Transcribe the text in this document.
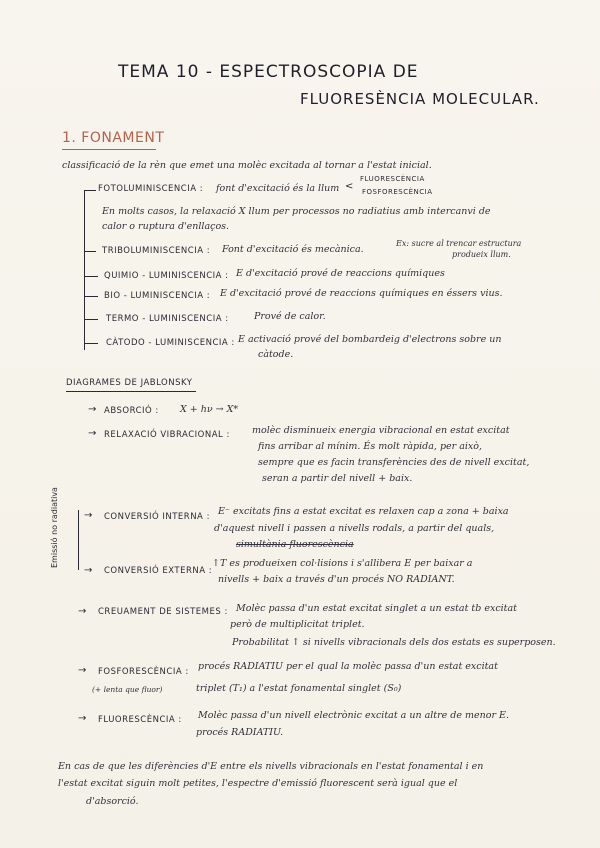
TEMA 10 - ESPECTROSCOPIA DE
FLUORESÈNCIA MOLECULAR.
1. FONAMENT
classificació de la rèn que emet una molèc excitada al tornar a l'estat inicial.
FOTOLUMINISCENCIA : font d'excitació és la llum <
FLUORESCÈNCIA
FOSFORESCÈNCIA
En molts casos, la relaxació X llum per processos no radiatius amb intercanvi de
calor o ruptura d'enllaços.
TRIBOLUMINISCENCIA : Font d'excitació és mecànica.
Ex: sucre al trencar estructura
produeix llum.
QUIMIO - LUMINISCENCIA : E d'excitació prové de reaccions químiques
BIO - LUMINISCENCIA : E d'excitació prové de reaccions químiques en éssers vius.
TERMO - LUMINISCENCIA :	Prové de calor.
CÀTODO - LUMINISCENCIA : E activació prové del bombardeig d'electrons sobre un
càtode.
DIAGRAMES DE JABLONSKY
→ ABSORCIÓ : X + hν → X*
→ RELAXACIÓ VIBRACIONAL : molèc disminueix energia vibracional en estat excitat
fins arribar al mínim. És molt ràpida, per això,
sempre que es facin transferències des de nivell excitat,
seran a partir del nivell + baix.
Emissió no radiativa	→ CONVERSIÓ INTERNA : E⁻ excitats fins a estat excitat es relaxen cap a zona + baixa
d'aquest nivell i passen a nivells rodals, a partir del quals,
simultània fluorescència
→ CONVERSIÓ EXTERNA :
↑T es produeixen col·lisions i s'allibera E per baixar a
nivells + baix a través d'un procés NO RADIANT.
→ CREUAMENT DE SISTEMES : Molèc passa d'un estat excitat singlet a un estat tb excitat
però de multiplicitat triplet.
Probabilitat ↑ si nivells vibracionals dels dos estats es superposen.
→ FOSFORESCÈNCIA : procés RADIATIU per el qual la molèc passa d'un estat excitat
(+ lenta que fluor)	triplet (T₁) a l'estat fonamental singlet (S₀)
→ FLUORESCÈNCIA : Molèc passa d'un nivell electrònic excitat a un altre de menor E.
procés RADIATIU.
En cas de que les diferències d'E entre els nivells vibracionals en l'estat fonamental i en
l'estat excitat siguin molt petites, l'espectre d'emissió fluorescent serà igual que el
d'absorció.
